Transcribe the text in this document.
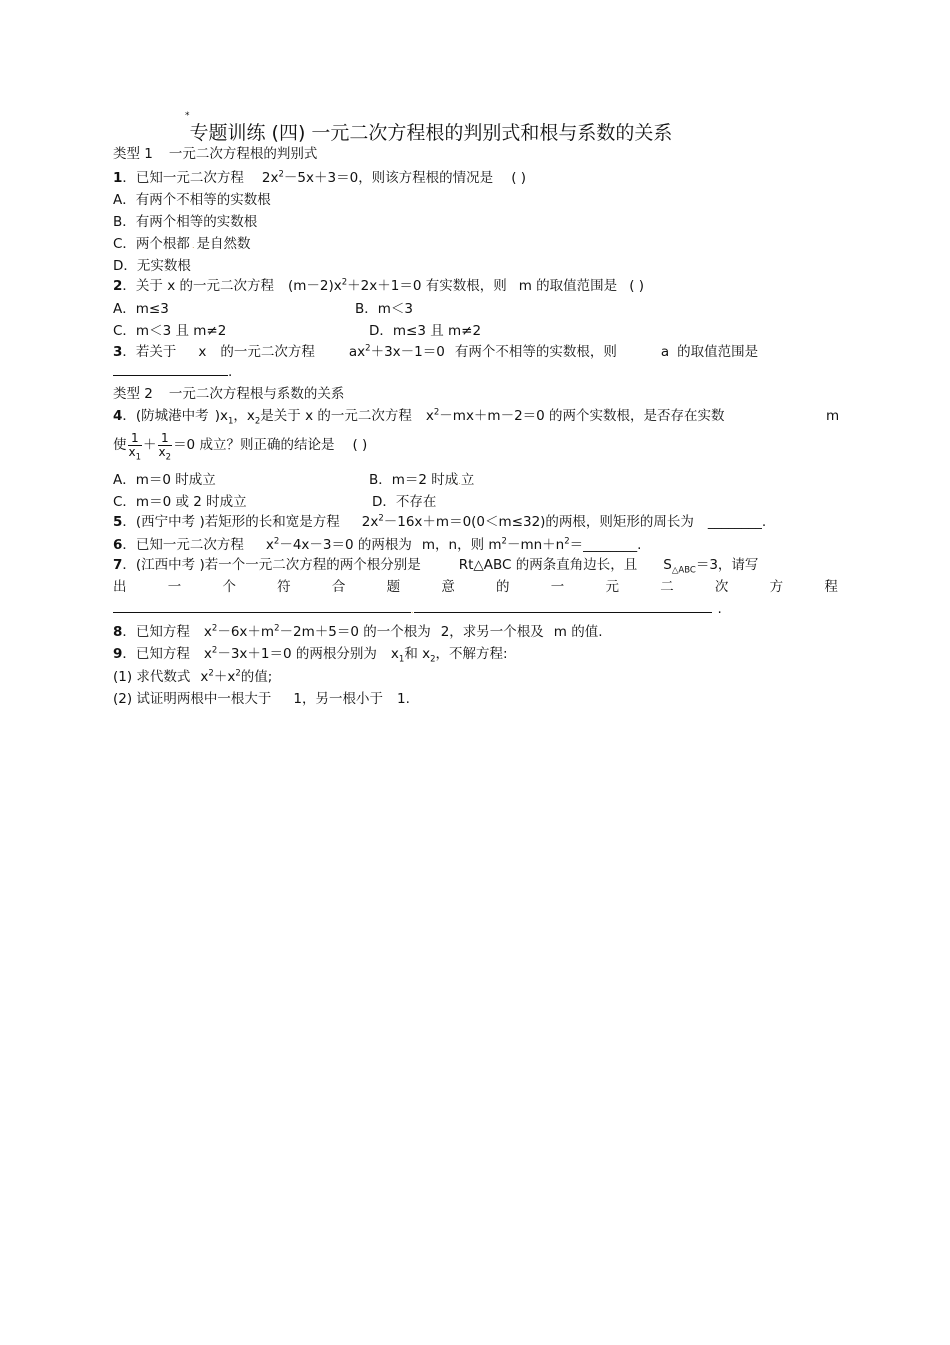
*专题训练 (四) 一元二次方程根的判别式和根与系数的关系
类型 1 一元二次方程根的判别式
1．已知一元二次方程 $2x^2-5x+3=0$，则该方程根的情况是 ( )
A．有两个不相等的实数根
B．有两个相等的实数根
C．两个根都 . 是自然数
D．无实数根
2．关于 x 的一元二次方程 $(m-2)x^2+2x+1=0$ 有实数根，则 m 的取值范围是 ( )
A．m≤3	B．m＜3
C．m＜3 且 m≠2	D．m≤3 且 m≠2
3．若关于 x 的一元二次方程	$ax^2+3x-1=0$ 有两个不相等的实数根，则	a 的取值范围是
.
类型 2 一元二次方程根与系数的关系
4．(防城港中考 )$x_1$，$x_2$是关于 x 的一元二次方程 $x^2-mx+m-2=0$ 的两个实数根，是否存在实数	m
使 $\frac{1}{x_1} + \frac{1}{x_2} =0$ 成立？则正确的结论是 ( )
A．m＝0 时成立	B．m＝2 时成.立
C．m＝0 或 2 时成立	D．不存在
5．(西宁中考 )若矩形的长和宽是方程 $2x^2-16x+m=0(0<m\le 32)$的两根，则矩形的周长为 ________.
6．已知一元二次方程 $x^2-4x-3=0$ 的两根为 m，n，则 $m^2-mn+n^2=\_\_\_\_\_\_\_\_$.
7．(江西中考 )若一个一元二次方程的两个根分别是	Rt△ABC 的两条直角边长，且 $S_{\triangle ABC}=3$，请写
出	一	个	符	合	题	意	的	一	元	二	次	方	程
.	.
8．已知方程 $x^2-6x+m^2-2m+5=0$ 的一个根为 2，求另一个根及 m 的值.
9．已知方程 $x^2-3x+1=0$ 的两根分别为 $x_1$和 $x_2$，不解方程:
(1) 求代数式 $x^2+x^2$的值;
(2) 试证明两根中一根大于 1，另一根小于 1.
